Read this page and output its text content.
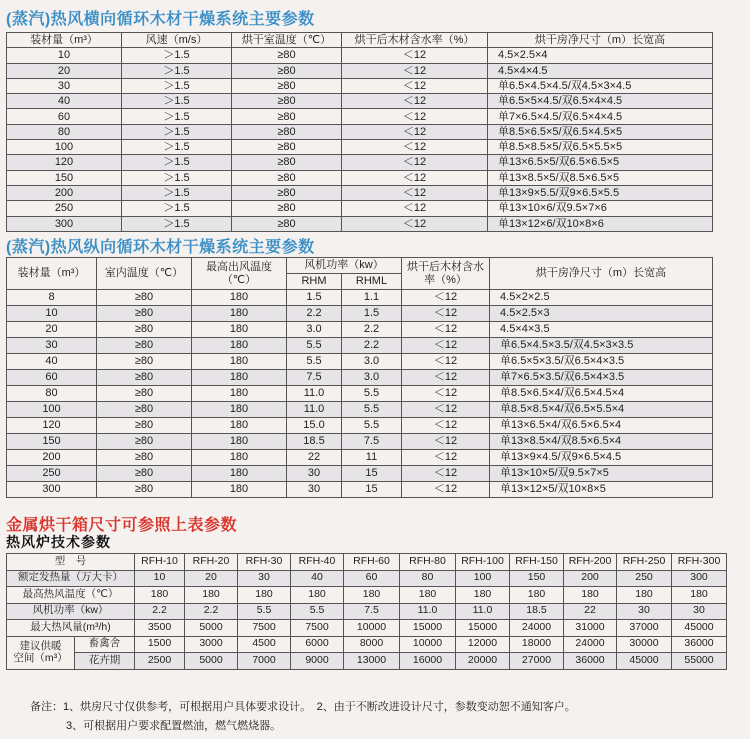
(蒸汽)热风横向循环木材干燥系统主要参数
装材量（m³）	风速（m/s）	烘干室温度（℃）	烘干后木材含水率（%）	烘干房净尺寸（m）长宽高
10	＞1.5	≥80	＜12	4.5×2.5×4
20	＞1.5	≥80	＜12	4.5×4×4.5
30	＞1.5	≥80	＜12	单6.5×4.5×4.5/双4.5×3×4.5
40	＞1.5	≥80	＜12	单6.5×5×4.5/双6.5×4×4.5
60	＞1.5	≥80	＜12	单7×6.5×4.5/双6.5×4×4.5
80	＞1.5	≥80	＜12	单8.5×6.5×5/双6.5×4.5×5
100	＞1.5	≥80	＜12	单8.5×8.5×5/双6.5×5.5×5
120	＞1.5	≥80	＜12	单13×6.5×5/双6.5×6.5×5
150	＞1.5	≥80	＜12	单13×8.5×5/双8.5×6.5×5
200	＞1.5	≥80	＜12	单13×9×5.5/双9×6.5×5.5
250	＞1.5	≥80	＜12	单13×10×6/双9.5×7×6
300	＞1.5	≥80	＜12	单13×12×6/双10×8×6
(蒸汽)热风纵向循环木材干燥系统主要参数
装材量（m³）	室内温度（℃）	最高出风温度（℃）	风机功率（kw）		烘干后木材含水率（%）	烘干房净尺寸（m）长宽高
			RHM	RHML		
8	≥80	180	1.5	1.1	＜12	4.5×2×2.5
10	≥80	180	2.2	1.5	＜12	4.5×2.5×3
20	≥80	180	3.0	2.2	＜12	4.5×4×3.5
30	≥80	180	5.5	2.2	＜12	单6.5×4.5×3.5/双4.5×3×3.5
40	≥80	180	5.5	3.0	＜12	单6.5×5×3.5/双6.5×4×3.5
60	≥80	180	7.5	3.0	＜12	单7×6.5×3.5/双6.5×4×3.5
80	≥80	180	11.0	5.5	＜12	单8.5×6.5×4/双6.5×4.5×4
100	≥80	180	11.0	5.5	＜12	单8.5×8.5×4/双6.5×5.5×4
120	≥80	180	15.0	5.5	＜12	单13×6.5×4/双6.5×6.5×4
150	≥80	180	18.5	7.5	＜12	单13×8.5×4/双8.5×6.5×4
200	≥80	180	22	11	＜12	单13×9×4.5/双9×6.5×4.5
250	≥80	180	30	15	＜12	单13×10×5/双9.5×7×5
300	≥80	180	30	15	＜12	单13×12×5/双10×8×5
金属烘干箱尺寸可参照上表参数
热风炉技术参数
型　号		RFH-10	RFH-20	RFH-30	RFH-40	RFH-60	RFH-80	RFH-100	RFH-150	RFH-200	RFH-250	RFH-300
额定发热量（万大卡）		10	20	30	40	60	80	100	150	200	250	300
最高热风温度（℃）		180	180	180	180	180	180	180	180	180	180	180
风机功率（kw）		2.2	2.2	5.5	5.5	7.5	11.0	11.0	18.5	22	30	30
最大热风量(m³/h)		3500	5000	7500	7500	10000	15000	15000	24000	31000	37000	45000

建议供暖
空间（m³）	畜禽舍	1500	3000	4500	6000	8000	10000	12000	18000	24000	30000	36000
	花卉期	2500	5000	7000	9000	13000	16000	20000	27000	36000	45000	55000
备注：1、烘房尺寸仅供参考，可根据用户具体要求设计。　2、由于不断改进设计尺寸，参数变动恕不通知客户。
3、可根据用户要求配置燃油，燃气燃烧器。
